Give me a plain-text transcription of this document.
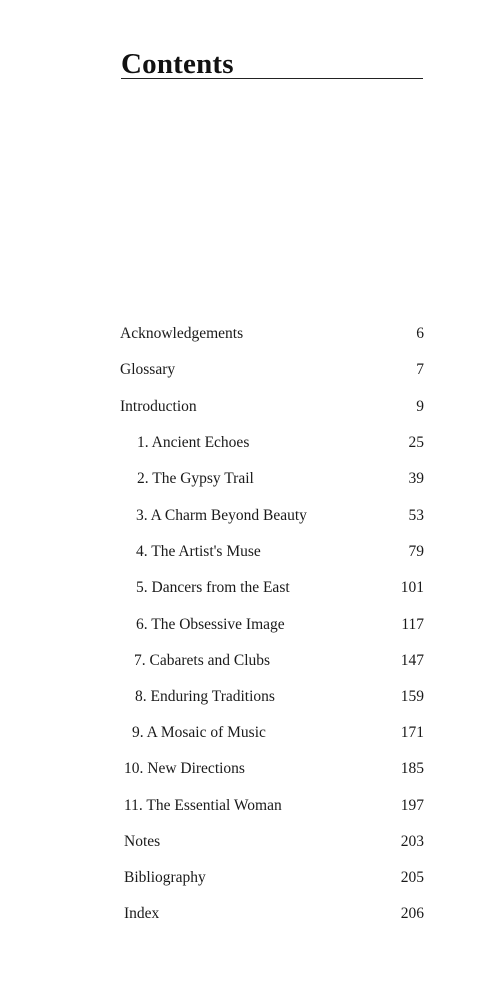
Contents
Acknowledgements	6
Glossary	7
Introduction	9
1. Ancient Echoes	25
2. The Gypsy Trail	39
3. A Charm Beyond Beauty	53
4. The Artist's Muse	79
5. Dancers from the East	101
6. The Obsessive Image	117
7. Cabarets and Clubs	147
8. Enduring Traditions	159
9. A Mosaic of Music	171
10. New Directions	185
11. The Essential Woman	197
Notes	203
Bibliography	205
Index	206
